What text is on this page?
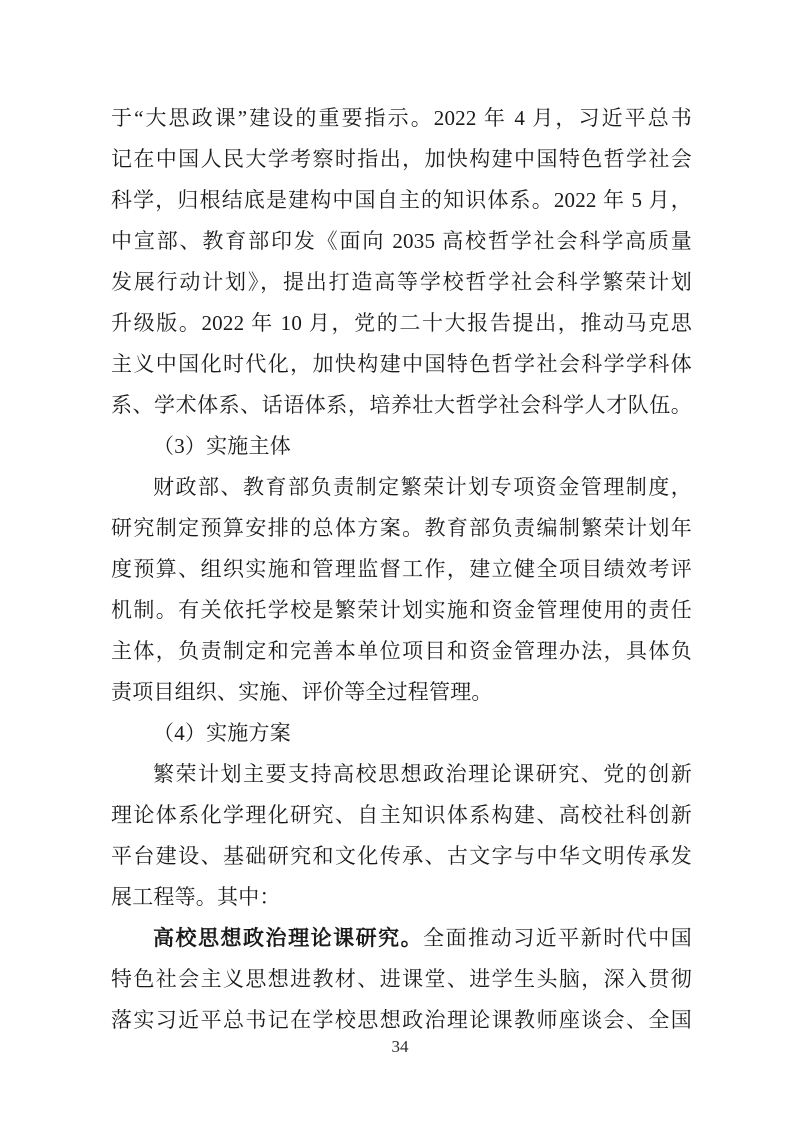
于“大思政课”建设的重要指示。2022 年 4 月，习近平总书
记在中国人民大学考察时指出，加快构建中国特色哲学社会
科学，归根结底是建构中国自主的知识体系。2022 年 5 月，
中宣部、教育部印发《面向 2035 高校哲学社会科学高质量
发展行动计划》，提出打造高等学校哲学社会科学繁荣计划
升级版。2022 年 10 月，党的二十大报告提出，推动马克思
主义中国化时代化，加快构建中国特色哲学社会科学学科体
系、学术体系、话语体系，培养壮大哲学社会科学人才队伍。
（3）实施主体
财政部、教育部负责制定繁荣计划专项资金管理制度，
研究制定预算安排的总体方案。教育部负责编制繁荣计划年
度预算、组织实施和管理监督工作，建立健全项目绩效考评
机制。有关依托学校是繁荣计划实施和资金管理使用的责任
主体，负责制定和完善本单位项目和资金管理办法，具体负
责项目组织、实施、评价等全过程管理。
（4）实施方案
繁荣计划主要支持高校思想政治理论课研究、党的创新
理论体系化学理化研究、自主知识体系构建、高校社科创新
平台建设、基础研究和文化传承、古文字与中华文明传承发
展工程等。其中：
高校思想政治理论课研究。全面推动习近平新时代中国
特色社会主义思想进教材、进课堂、进学生头脑，深入贯彻
落实习近平总书记在学校思想政治理论课教师座谈会、全国
34
